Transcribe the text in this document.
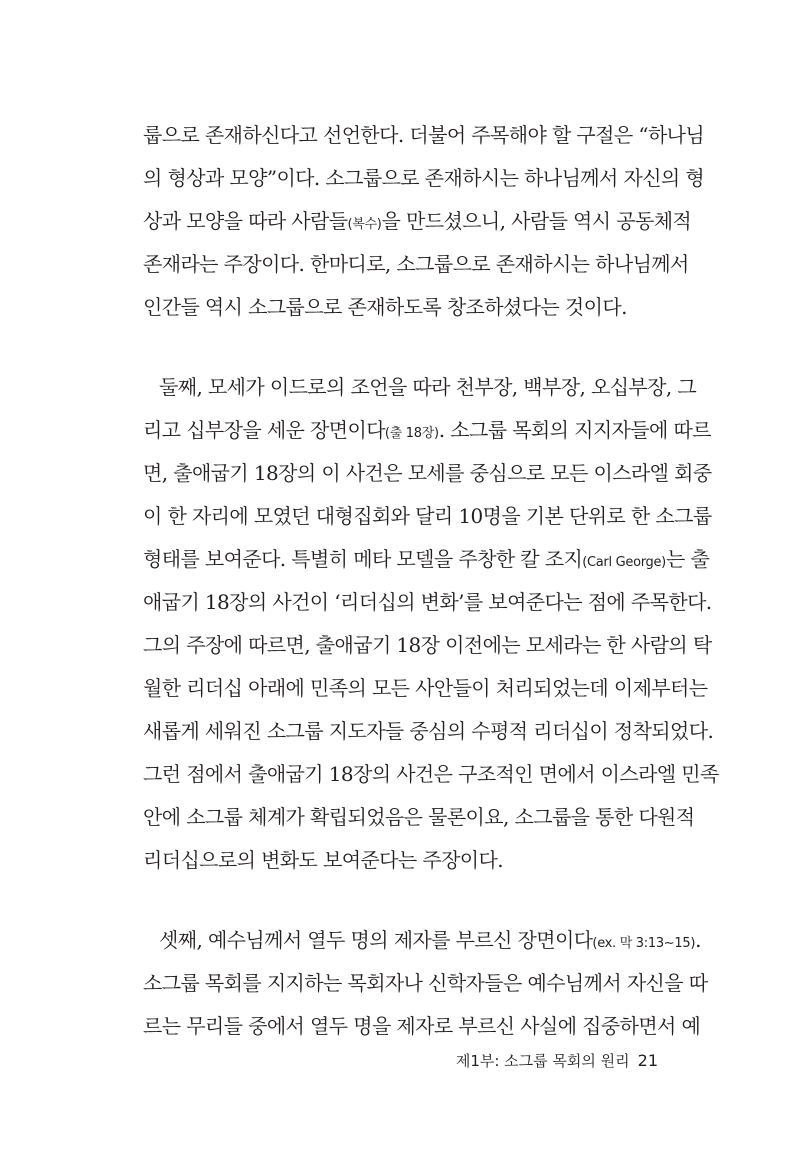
룹으로 존재하신다고 선언한다. 더불어 주목해야 할 구절은 “하나님
의 형상과 모양”이다. 소그룹으로 존재하시는 하나님께서 자신의 형
상과 모양을 따라 사람들(복수)을 만드셨으니, 사람들 역시 공동체적
존재라는 주장이다. 한마디로, 소그룹으로 존재하시는 하나님께서
인간들 역시 소그룹으로 존재하도록 창조하셨다는 것이다.
둘째, 모세가 이드로의 조언을 따라 천부장, 백부장, 오십부장, 그
리고 십부장을 세운 장면이다(출 18장). 소그룹 목회의 지지자들에 따르
면, 출애굽기 18장의 이 사건은 모세를 중심으로 모든 이스라엘 회중
이 한 자리에 모였던 대형집회와 달리 10명을 기본 단위로 한 소그룹
형태를 보여준다. 특별히 메타 모델을 주창한 칼 조지(Carl George)는 출
애굽기 18장의 사건이 ‘리더십의 변화’를 보여준다는 점에 주목한다.
그의 주장에 따르면, 출애굽기 18장 이전에는 모세라는 한 사람의 탁
월한 리더십 아래에 민족의 모든 사안들이 처리되었는데 이제부터는
새롭게 세워진 소그룹 지도자들 중심의 수평적 리더십이 정착되었다.
그런 점에서 출애굽기 18장의 사건은 구조적인 면에서 이스라엘 민족
안에 소그룹 체계가 확립되었음은 물론이요, 소그룹을 통한 다원적
리더십으로의 변화도 보여준다는 주장이다.
셋째, 예수님께서 열두 명의 제자를 부르신 장면이다(ex. 막 3:13∼15).
소그룹 목회를 지지하는 목회자나 신학자들은 예수님께서 자신을 따
르는 무리들 중에서 열두 명을 제자로 부르신 사실에 집중하면서 예
제1부: 소그룹 목회의 원리 21
